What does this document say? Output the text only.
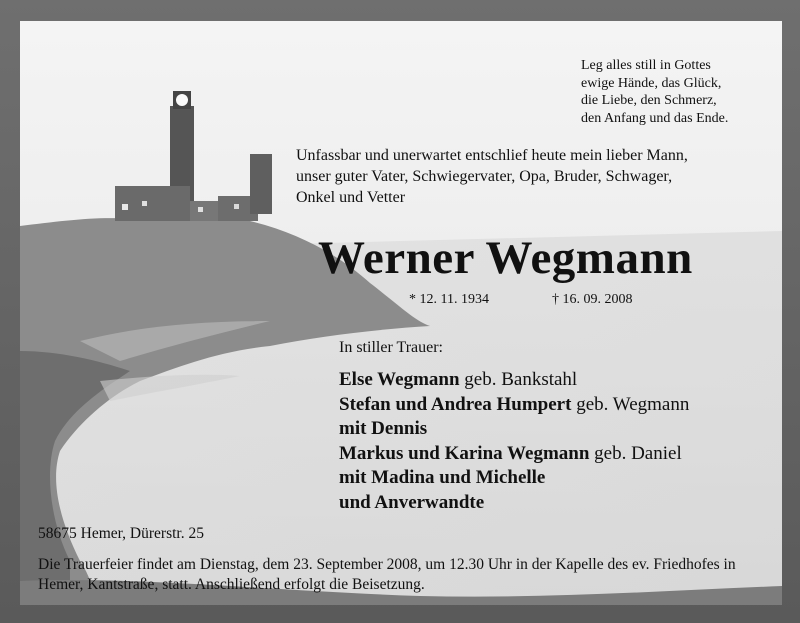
Leg alles still in Gottes
ewige Hände, das Glück,
die Liebe, den Schmerz,
den Anfang und das Ende.
Unfassbar und unerwartet entschlief heute mein lieber Mann,
unser guter Vater, Schwiegervater, Opa, Bruder, Schwager,
Onkel und Vetter
Werner Wegmann
* 12. 11. 1934	† 16. 09. 2008
In stiller Trauer:
Else Wegmann geb. Bankstahl
Stefan und Andrea Humpert geb. Wegmann
mit Dennis
Markus und Karina Wegmann geb. Daniel
mit Madina und Michelle
und Anverwandte
58675 Hemer, Dürerstr. 25
Die Trauerfeier findet am Dienstag, dem 23. September 2008, um 12.30 Uhr in der Kapelle des ev. Friedhofes in Hemer, Kantstraße, statt. Anschließend erfolgt die Beisetzung.
